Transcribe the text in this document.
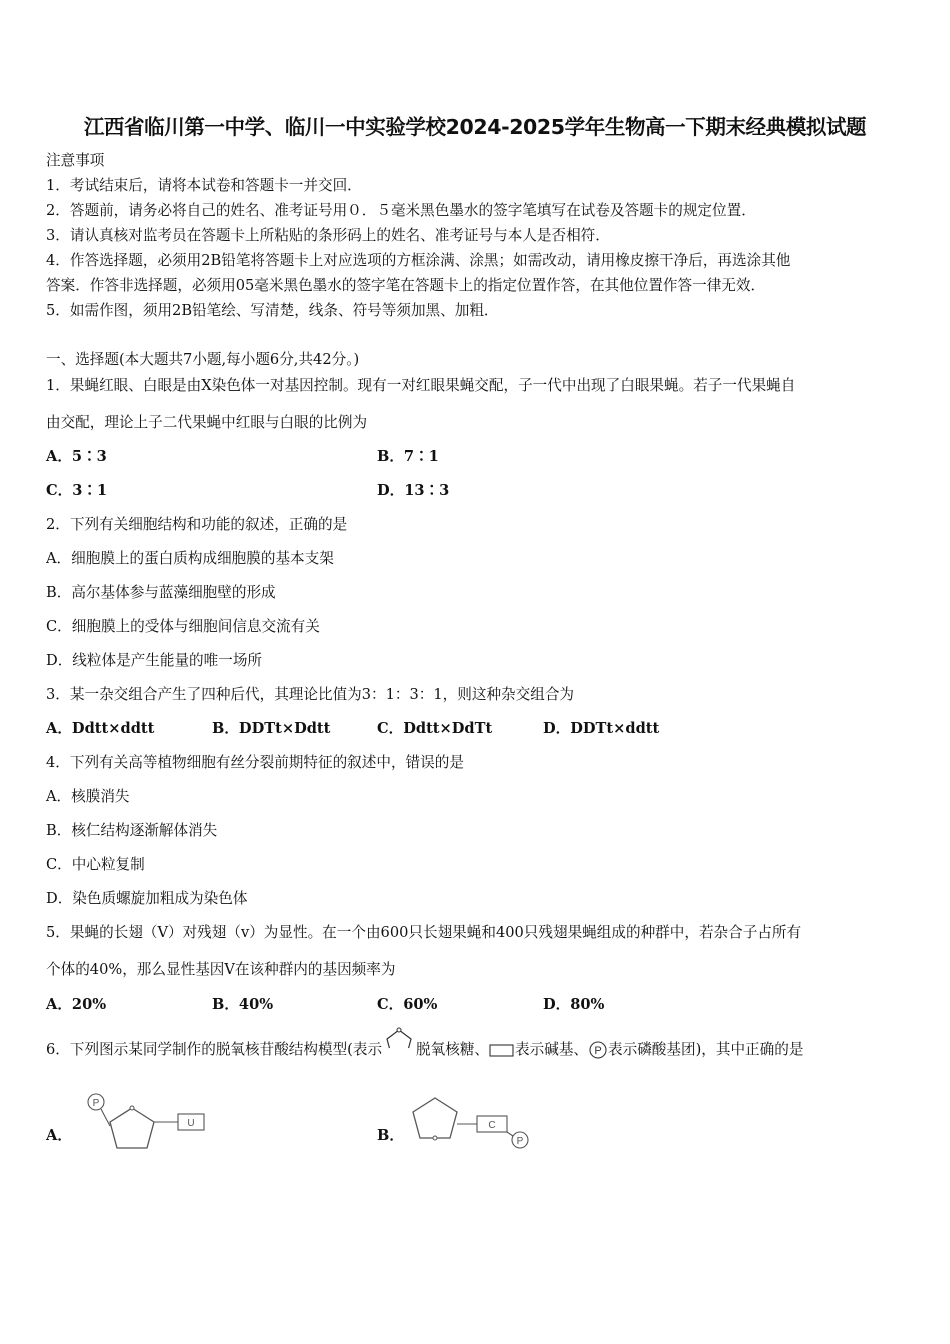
江西省临川第一中学、临川一中实验学校2024-2025学年生物高一下期末经典模拟试题
注意事项
1．考试结束后，请将本试卷和答题卡一并交回．
2．答题前，请务必将自己的姓名、准考证号用０．５毫米黑色墨水的签字笔填写在试卷及答题卡的规定位置．
3．请认真核对监考员在答题卡上所粘贴的条形码上的姓名、准考证号与本人是否相符．
4．作答选择题，必须用2B铅笔将答题卡上对应选项的方框涂满、涂黑；如需改动，请用橡皮擦干净后，再选涂其他
答案．作答非选择题，必须用05毫米黑色墨水的签字笔在答题卡上的指定位置作答，在其他位置作答一律无效．
5．如需作图，须用2B铅笔绘、写清楚，线条、符号等须加黑、加粗．
一、选择题(本大题共7小题,每小题6分,共42分。)
1．果蝇红眼、白眼是由X染色体一对基因控制。现有一对红眼果蝇交配，子一代中出现了白眼果蝇。若子一代果蝇自
由交配，理论上子二代果蝇中红眼与白眼的比例为
A．5∶3	B．7∶1
C．3∶1	D．13∶3
2．下列有关细胞结构和功能的叙述，正确的是
A．细胞膜上的蛋白质构成细胞膜的基本支架
B．高尔基体参与蓝藻细胞壁的形成
C．细胞膜上的受体与细胞间信息交流有关
D．线粒体是产生能量的唯一场所
3．某一杂交组合产生了四种后代，其理论比值为3：1：3：1，则这种杂交组合为
A．Ddtt×ddtt	B．DDTt×Ddtt	C．Ddtt×DdTt	D．DDTt×ddtt
4．下列有关高等植物细胞有丝分裂前期特征的叙述中，错误的是
A．核膜消失
B．核仁结构逐渐解体消失
C．中心粒复制
D．染色质螺旋加粗成为染色体
5．果蝇的长翅（V）对残翅（v）为显性。在一个由600只长翅果蝇和400只残翅果蝇组成的种群中，若杂合子占所有
个体的40%，那么显性基因V在该种群内的基因频率为
A．20%	B．40%	C．60%	D．80%
6．下列图示某同学制作的脱氧核苷酸结构模型(表示 脱氧核糖、 表示碱基、 P 表示磷酸基团)，其中正确的是
A．
P
U
B．
C
P
